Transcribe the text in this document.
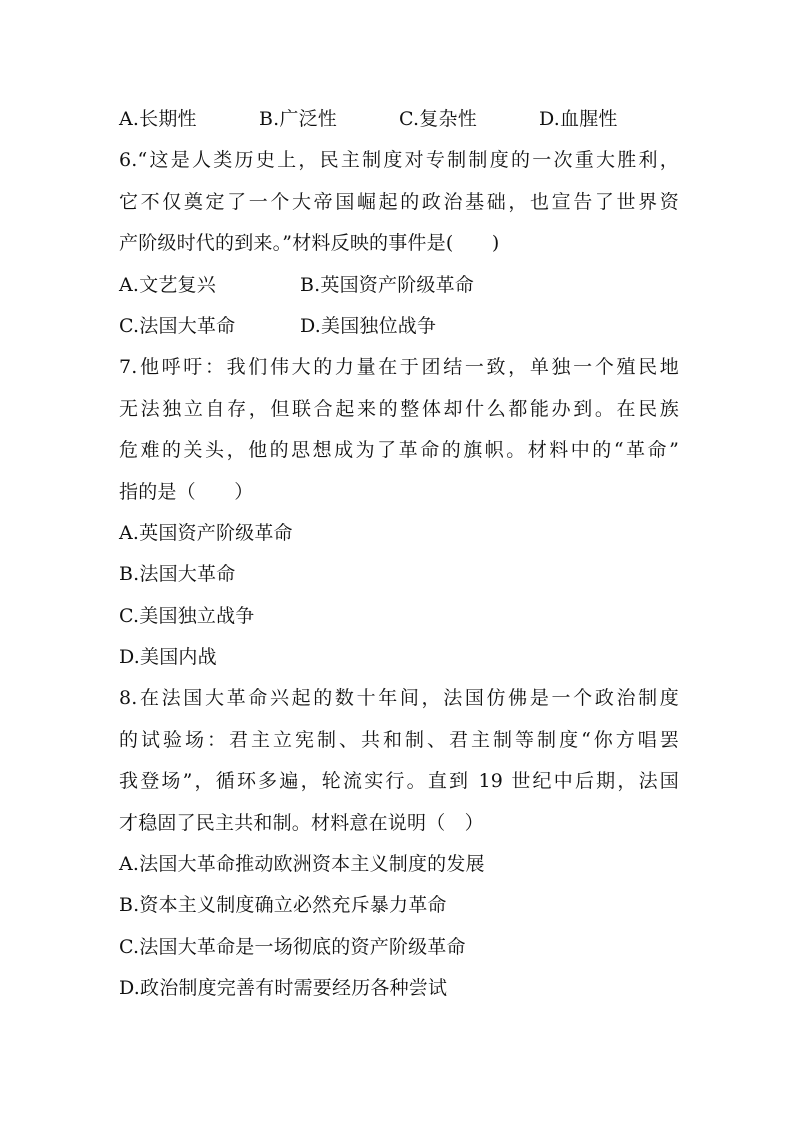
A.长期性	B.广泛性	C.复杂性	D.血腥性
6.“这是人类历史上，民主制度对专制制度的一次重大胜利，
它不仅奠定了一个大帝国崛起的政治基础，也宣告了世界资
产阶级时代的到来。”材料反映的事件是(　　)
A.文艺复兴	B.英国资产阶级革命
C.法国大革命	D.美国独位战争
7.他呼吁：我们伟大的力量在于团结一致，单独一个殖民地
无法独立自存，但联合起来的整体却什么都能办到。在民族
危难的关头，他的思想成为了革命的旗帜。材料中的“革命”
指的是（　　）
A.英国资产阶级革命
B.法国大革命
C.美国独立战争
D.美国内战
8.在法国大革命兴起的数十年间，法国仿佛是一个政治制度
的试验场：君主立宪制、共和制、君主制等制度“你方唱罢
我登场”，循环多遍，轮流实行。直到 19 世纪中后期，法国
才稳固了民主共和制。材料意在说明（　）
A.法国大革命推动欧洲资本主义制度的发展
B.资本主义制度确立必然充斥暴力革命
C.法国大革命是一场彻底的资产阶级革命
D.政治制度完善有时需要经历各种尝试
